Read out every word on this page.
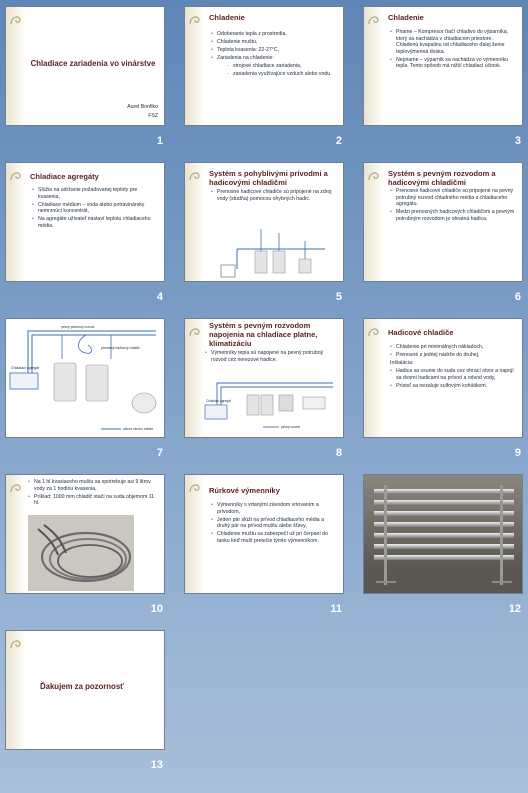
Chladiace zariadenia vo vinárstve
Aurel Bonfiko
FSZ
1
Chladenie
• Odoberanie tepla z prostredia,
• Chladenie muštu,
• Teplota kvasenia: 22-27°C,
• Zariadenia na chladenie:
- strojové chladiace zariadenia,
- zariadenia využívajúce vzduch alebo vodu.
2
Chladenie
• Priame – Kompresor ťiačí chladivo do výparníka, ktorý sa nachádza v chladiacom priestore. Chladenú kvapalinu od chladiaceho ďalej ženie teplovýmenná doska.
• Nepriame – výparník sa nachádza vo výmenníku tepla. Tento spôsob má nižší chladiaci účinok.
3
Chladiace agregáty
• Slúžia na udržanie požadovanej teploty pre kvasenia,
• Chladiace médium – voda alebo potravinársky nemrznúci koncentrát,
• Na agregáte užívateľ nastaví teplotu chladiaceho média.
4
Systém s pohyblivými prívodmi a hadicovými chladičmi
• Prenosné hadicové chladiče sú pripojené na zdroj vody (studňa) pomocou ohybných hadíc.
5
Systém s pevným rozvodom a hadicovými chladičmi
• Prenosné hadicové chladiče sú pripojené na pevný potrubný rozvod chladného média z chladiaceho agregátu.
• Medzi prenosných hadicových chladičom a pevným potrubným rozvodom je obratná hadica.
6
Chladiaci agregát
pevný potrubný rozvod
prenosný hadicový chladič
obvod okruhu média
7
Systém s pevným rozvodom napojenia na chladiace platne, klimatizáciu
• Výmenníky tepla sú napojené na pevný potrubný rozvod cez nerezové hadice.
Chladiaci agregát
pevný rozvod
8
Hadicové chladiče
• Chladenie pri minimálnych nákladoch,
• Prenosné z jednej nádrže do druhej,
Inštalácia:
• Hadica sa vsunie do suda cez ohrací otvor a napojí sa dvomi hadicami na prívod a odvod vody,
• Prístoľ sa nezaluje sulfovým kohútikom.
9
• Na 1 hl kvasiaceho muštu sa spotrebuje asi 9 litrov vody za 1 hodinu kvasenia,
• Príklad: 1000 mm chladič stačí na suda objemom 11 hl.
10
Rúrkové výmenníky
• Výmenníky s vrtanými závodom vrtovaním a prívodom,
• Jeden pár slúži na prívod chladiaceho média a druhý pár na prívod muštu alebo šťavy,
• Chladenie muštu sa zabezpečí už pri čerpaní do tanku keď mušt pretečie týmto výmenníkom.
11	12
Ďakujem za pozornosť
13
